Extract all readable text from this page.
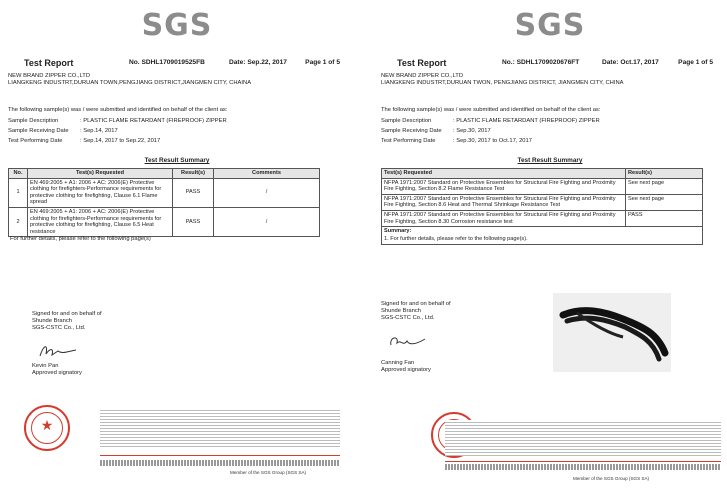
SGS
Test Report	No. SDHL1709019525FB	Date: Sep.22, 2017	Page 1 of 5
NEW BRAND ZIPPER CO.,LTD
LIANGKENG INDUSTRT,DURUAN TOWN,PENGJIANG DISTRICT,JIANGMEN CITY, CHAINA
The following sample(s) was / were submitted and identified on behalf of the client as:
Sample Description	: PLASTIC FLAME RETARDANT (FIREPROOF) ZIPPER
Sample Receiving Date : Sep.14, 2017
Test Performing Date	: Sep.14, 2017 to Sep.22, 2017
Test Result Summary
No.	Test(s) Requested	Result(s)	Comments
1	EN 469:2005 + A1: 2006 + AC: 2006(E) Protective clothing for firefighters-Performance requirements for protective clothing for firefighting, Clause 6.1 Flame spread	PASS	/
2	EN 469:2005 + A1: 2006 + AC: 2006(E) Protective clothing for firefighters-Performance requirements for protective clothing for firefighting, Clause 6.5 Heat resistance	PASS	/
For further details, please refer to the following page(s)
Signed for and on behalf of
Shunde Branch
SGS-CSTC Co., Ltd.
Kevin Pan
Approved signatory
★
Member of the SGS Group (SGS SA)
SGS
Test Report	No.: SDHL1709020676FT	Date: Oct.17, 2017	Page 1 of 5
NEW BRAND ZIPPER CO.,LTD
LIANGKENG INDUSTRT,DURUAN TWON, PENGJIANG DISTRICT, JIANGMEN CITY, CHINA
The following sample(s) was / were submitted and identified on behalf of the client as:
Sample Description	: PLASTIC FLAME RETARDANT (FIREPROOF) ZIPPER
Sample Receiving Date : Sep.30, 2017
Test Performing Date	: Sep.30, 2017 to Oct.17, 2017
Test Result Summary
Test(s) Requested	Result(s)
NFPA 1971:2007 Standard on Protective Ensembles for Structural Fire Fighting and Proximity Fire Fighting, Section 8.2 Flame Resistance Test	See next page
NFPA 1971:2007 Standard on Protective Ensembles for Structural Fire Fighting and Proximity Fire Fighting, Section 8.6 Heat and Thermal Shrinkage Resistance Test	See next page
NFPA 1971:2007 Standard on Protective Ensembles for Structural Fire Fighting and Proximity Fire Fighting, Section 8.30 Corrosion resistance test	PASS
Summary:
1. For further details, please refer to the following page(s).	
Signed for and on behalf of
Shunde Branch
SGS-CSTC Co., Ltd.
Canning Fan
Approved signatory
Member of the SGS Group (SGS SA)
